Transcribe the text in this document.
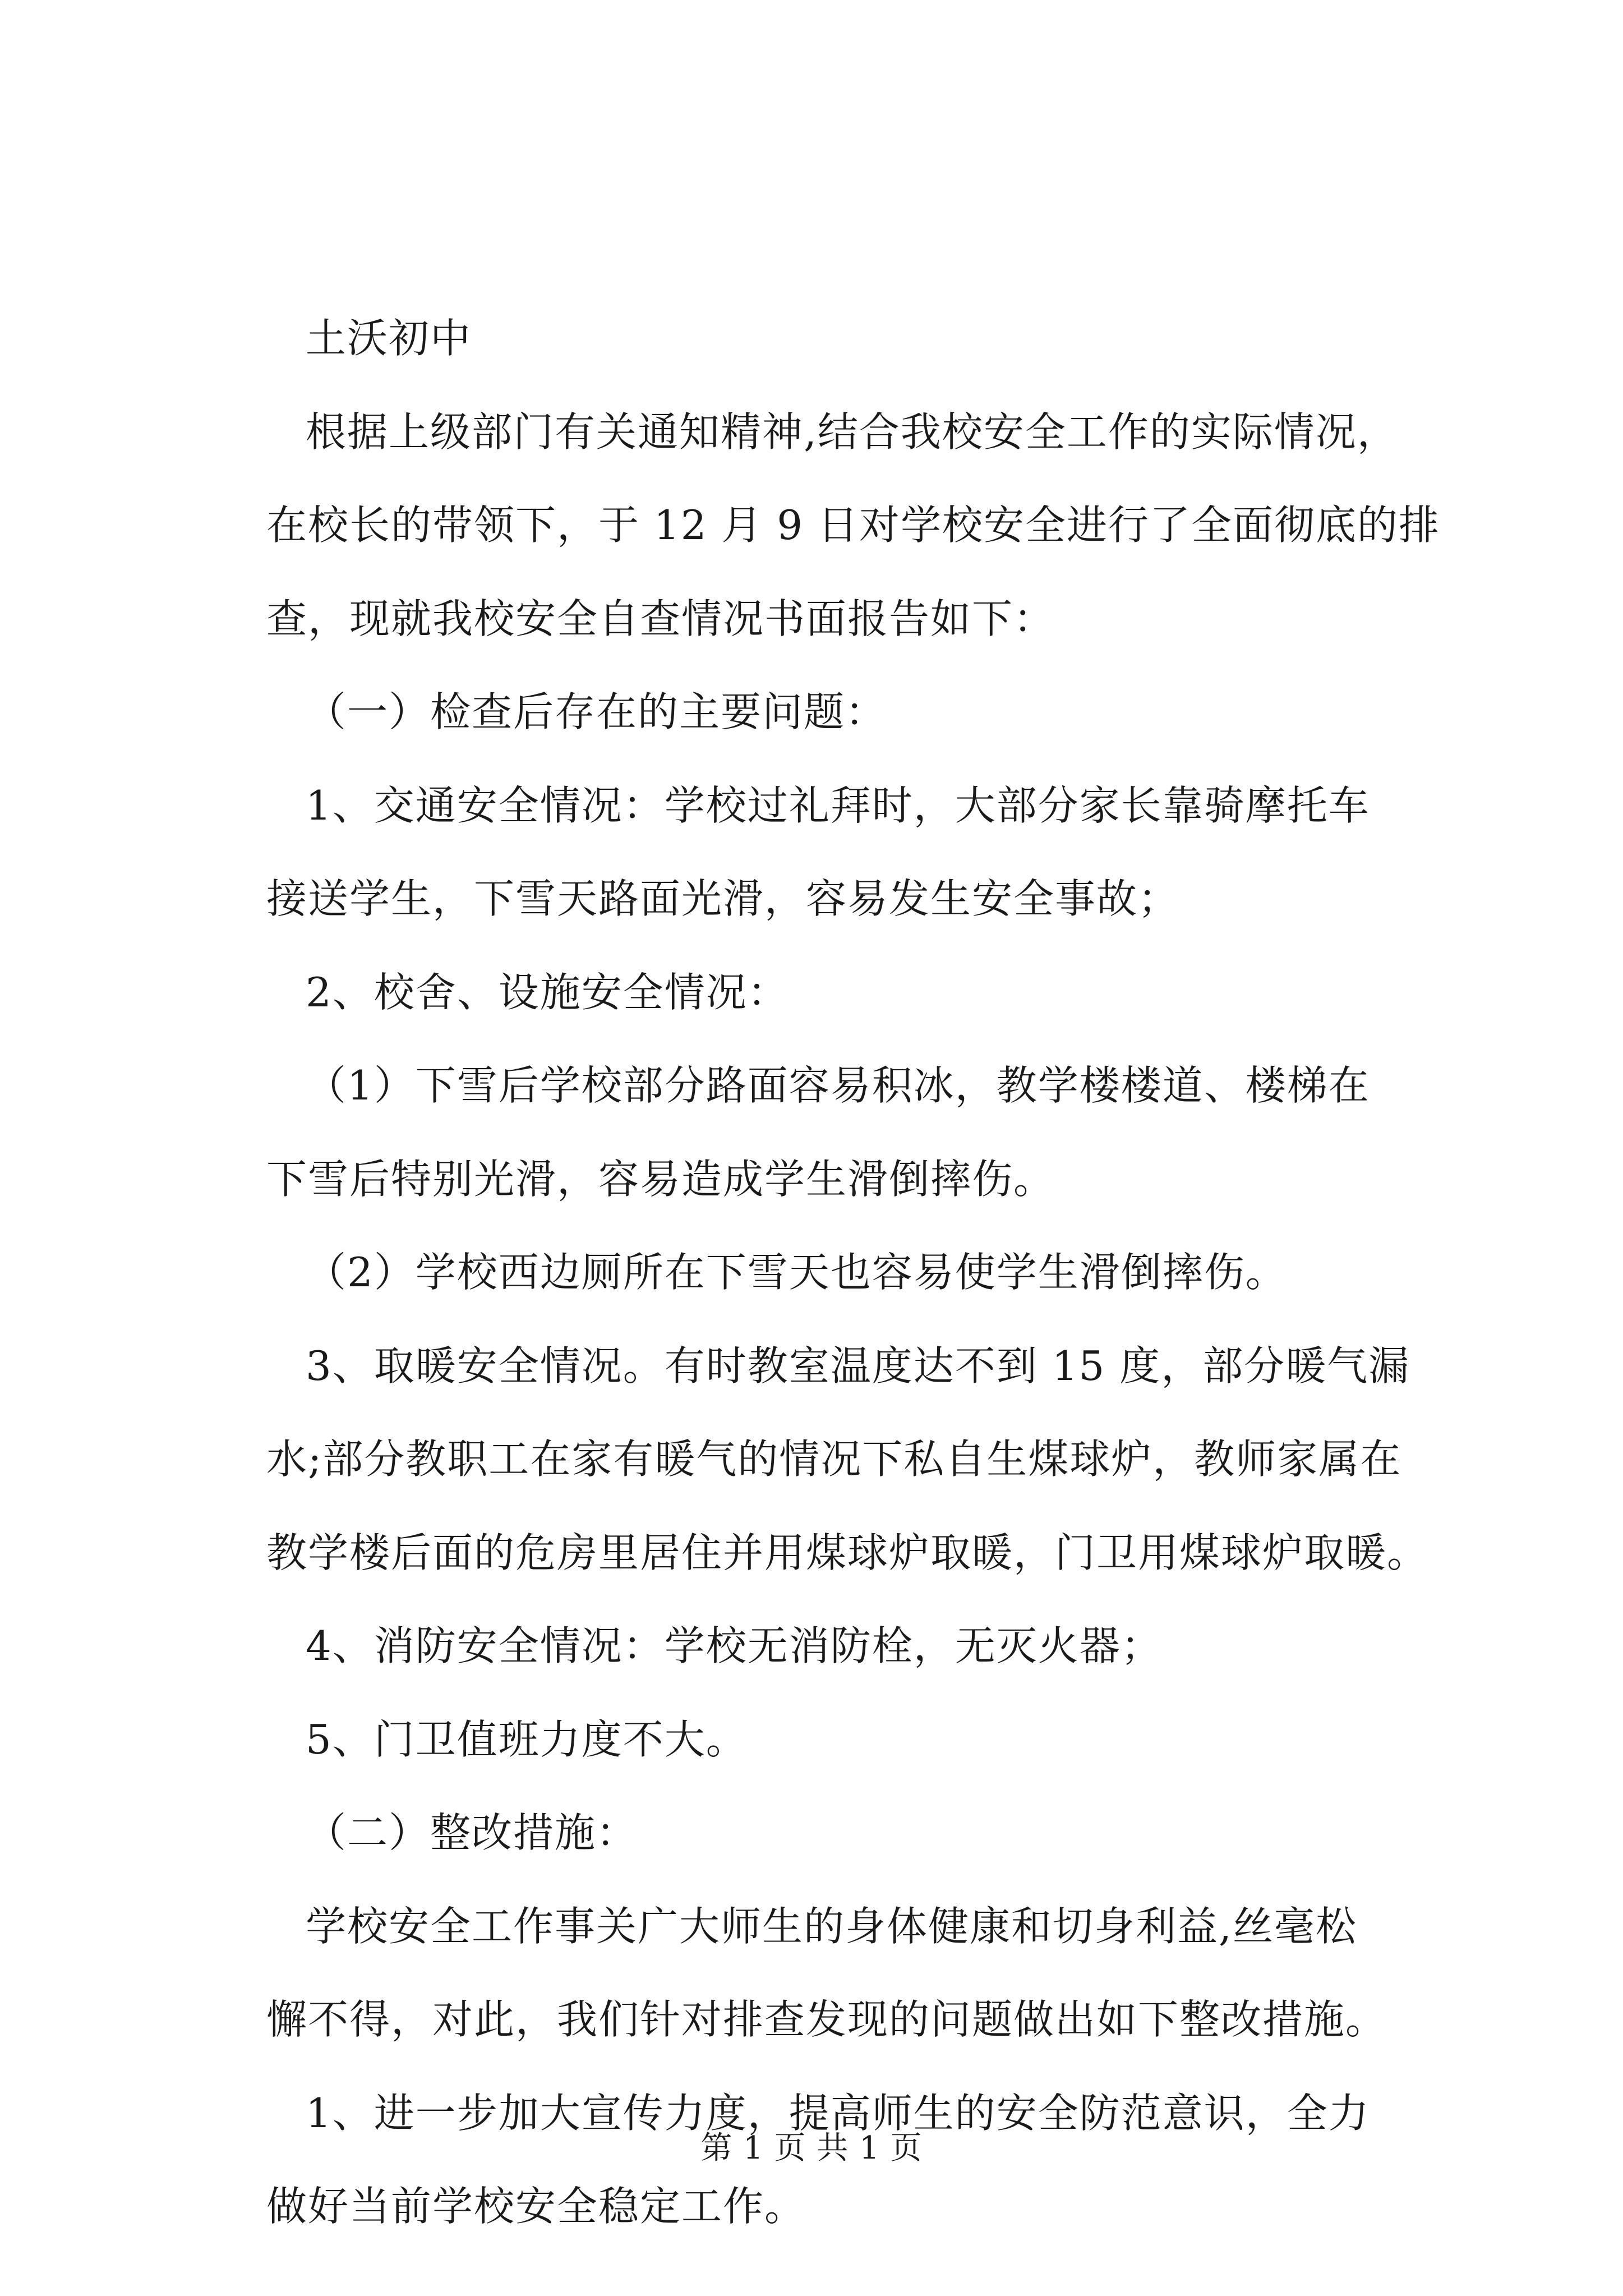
土沃初中
根据上级部门有关通知精神,结合我校安全工作的实际情况，
在校长的带领下，于 12 月 9 日对学校安全进行了全面彻底的排
查，现就我校安全自查情况书面报告如下：
（一）检查后存在的主要问题：
1、交通安全情况：学校过礼拜时，大部分家长靠骑摩托车
接送学生，下雪天路面光滑，容易发生安全事故；
2、校舍、设施安全情况：
（1）下雪后学校部分路面容易积冰，教学楼楼道、楼梯在
下雪后特别光滑，容易造成学生滑倒摔伤。
（2）学校西边厕所在下雪天也容易使学生滑倒摔伤。
3、取暖安全情况。有时教室温度达不到 15 度，部分暖气漏
水;部分教职工在家有暖气的情况下私自生煤球炉，教师家属在
教学楼后面的危房里居住并用煤球炉取暖，门卫用煤球炉取暖。
4、消防安全情况：学校无消防栓，无灭火器；
5、门卫值班力度不大。
（二）整改措施：
学校安全工作事关广大师生的身体健康和切身利益,丝毫松
懈不得，对此，我们针对排查发现的问题做出如下整改措施。
1、进一步加大宣传力度，提高师生的安全防范意识，全力
做好当前学校安全稳定工作。
第 1 页 共 1 页
